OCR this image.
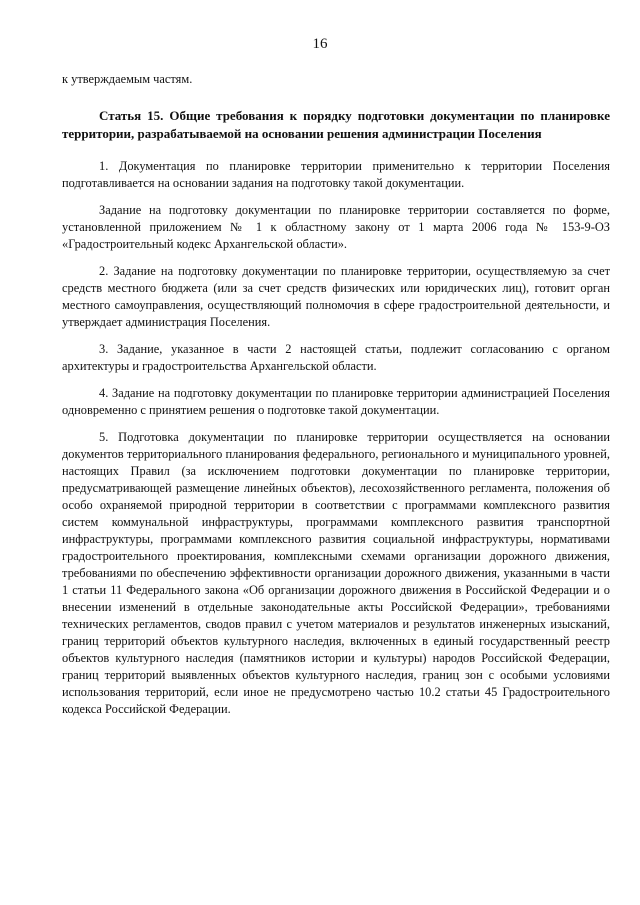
16

к утверждаемым частям.

Статья 15. Общие требования к порядку подготовки документации по планировке территории, разрабатываемой на основании решения администрации Поселения

1. Документация по планировке территории применительно к территории Поселения подготавливается на основании задания на подготовку такой документации.

Задание на подготовку документации по планировке территории составляется по форме, установленной приложением № 1 к областному закону от 1 марта 2006 года № 153-9-ОЗ «Градостроительный кодекс Архангельской области».

2. Задание на подготовку документации по планировке территории, осуществляемую за счет средств местного бюджета (или за счет средств физических или юридических лиц), готовит орган местного самоуправления, осуществляющий полномочия в сфере градостроительной деятельности, и утверждает администрация Поселения.

3. Задание, указанное в части 2 настоящей статьи, подлежит согласованию с органом архитектуры и градостроительства Архангельской области.

4. Задание на подготовку документации по планировке территории администрацией Поселения одновременно с принятием решения о подготовке такой документации.

5. Подготовка документации по планировке территории осуществляется на основании документов территориального планирования федерального, регионального и муниципального уровней, настоящих Правил (за исключением подготовки документации по планировке территории, предусматривающей размещение линейных объектов), лесохозяйственного регламента, положения об особо охраняемой природной территории в соответствии с программами комплексного развития систем коммунальной инфраструктуры, программами комплексного развития транспортной инфраструктуры, программами комплексного развития социальной инфраструктуры, нормативами градостроительного проектирования, комплексными схемами организации дорожного движения, требованиями по обеспечению эффективности организации дорожного движения, указанными в части 1 статьи 11 Федерального закона «Об организации дорожного движения в Российской Федерации и о внесении изменений в отдельные законодательные акты Российской Федерации», требованиями технических регламентов, сводов правил с учетом материалов и результатов инженерных изысканий, границ территорий объектов культурного наследия, включенных в единый государственный реестр объектов культурного наследия (памятников истории и культуры) народов Российской Федерации, границ территорий выявленных объектов культурного наследия, границ зон с особыми условиями использования территорий, если иное не предусмотрено частью 10.2 статьи 45 Градостроительного кодекса Российской Федерации.
